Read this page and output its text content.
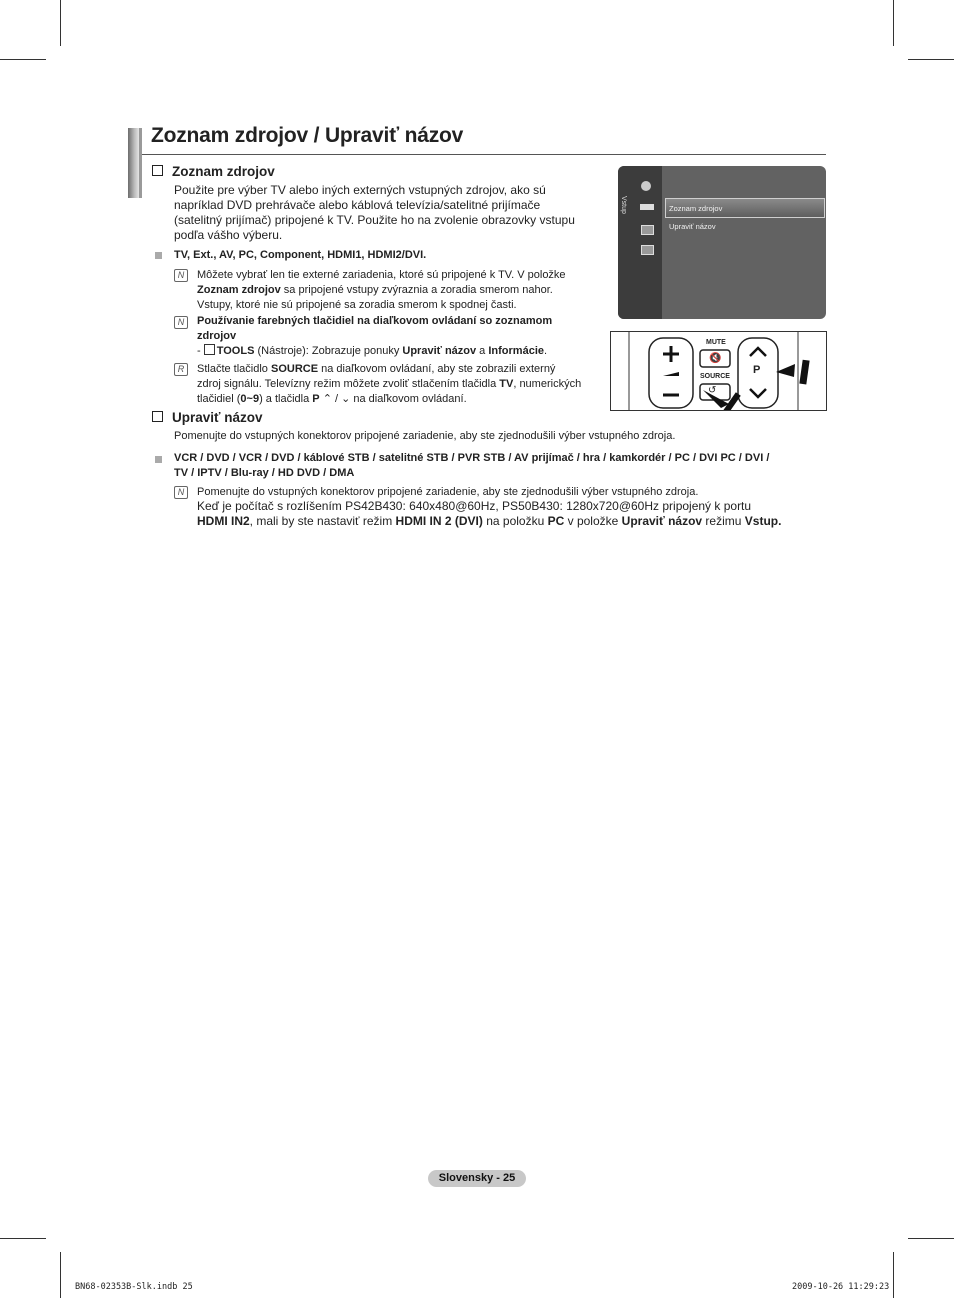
Zoznam zdrojov / Upraviť názov
Zoznam zdrojov
Použite pre výber TV alebo iných externých vstupných zdrojov, ako sú
napríklad DVD prehrávače alebo káblová televízia/satelitné prijímače
(satelitný prijímač) pripojené k TV. Použite ho na zvolenie obrazovky vstupu
podľa vášho výberu.
TV, Ext., AV, PC, Component, HDMI1, HDMI2/DVI.
N	Môžete vybrať len tie externé zariadenia, ktoré sú pripojené k TV. V položke
Zoznam zdrojov sa pripojené vstupy zvýraznia a zoradia smerom nahor.
Vstupy, ktoré nie sú pripojené sa zoradia smerom k spodnej časti.
N	Používanie farebných tlačidiel na diaľkovom ovládaní so zoznamom
zdrojov
- TOOLS (Nástroje): Zobrazuje ponuky Upraviť názov a Informácie.
R	Stlačte tlačidlo SOURCE na diaľkovom ovládaní, aby ste zobrazili externý
zdroj signálu. Televízny režim môžete zvoliť stlačením tlačidla TV, numerických
tlačidiel (0~9) a tlačidla P ⌃ / ⌄ na diaľkovom ovládaní.
Upraviť názov
Pomenujte do vstupných konektorov pripojené zariadenie, aby ste zjednodušili výber vstupného zdroja.
VCR / DVD / VCR / DVD / káblové STB / satelitné STB / PVR STB / AV prijímač / hra / kamkordér / PC / DVI PC / DVI /
TV / IPTV / Blu-ray / HD DVD / DMA
N	Pomenujte do vstupných konektorov pripojené zariadenie, aby ste zjednodušili výber vstupného zdroja.
Keď je počítač s rozlíšením PS42B430: 640x480@60Hz, PS50B430: 1280x720@60Hz pripojený k portu
HDMI IN2, mali by ste nastaviť režim HDMI IN 2 (DVI) na položku PC v položke Upraviť názov režimu Vstup.
Vstup	Zoznam zdrojov
Upraviť názov
MUTE
🔇
SOURCE
↺
P
Slovensky - 25
BN68-02353B-Slk.indb 25	2009-10-26 11:29:23
